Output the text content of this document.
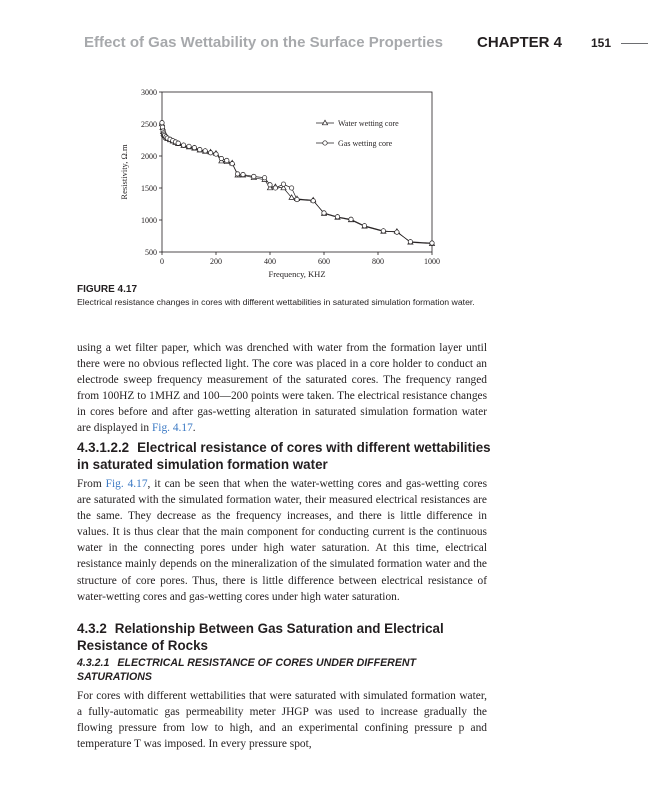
Effect of Gas Wettability on the Surface Properties CHAPTER 4 151
500
1000
1500
2000
2500
3000
0	200	400	600	800	1000
Frequency, KHZ
Resistivity, Ω.m
Water wetting core
Gas wetting core
FIGURE 4.17
Electrical resistance changes in cores with different wettabilities in saturated simulation formation water.

using a wet filter paper, which was drenched with water from the formation layer until there were no obvious reflected light. The core was placed in a core holder to conduct an electrode sweep frequency measurement of the saturated cores. The frequency ranged from 100HZ to 1MHZ and 100—200 points were taken. The electrical resistance changes in cores before and after gas-wetting alteration in saturated simulation formation water are displayed in Fig. 4.17.

4.3.1.2.2 Electrical resistance of cores with different wettabilities in saturated simulation formation water

From Fig. 4.17, it can be seen that when the water-wetting cores and gas-wetting cores are saturated with the simulated formation water, their measured electrical resistances are the same. They decrease as the frequency increases, and there is little difference in values. It is thus clear that the main component for conducting current is the continuous water in the connecting pores under high water saturation. At this time, electrical resistance mainly depends on the mineralization of the simulated formation water and the structure of core pores. Thus, there is little difference between electrical resistance of water-wetting cores and gas-wetting cores under high water saturation.

4.3.2 Relationship Between Gas Saturation and Electrical Resistance of Rocks
4.3.2.1 ELECTRICAL RESISTANCE OF CORES UNDER DIFFERENT SATURATIONS

For cores with different wettabilities that were saturated with simulated formation water, a fully-automatic gas permeability meter JHGP was used to increase gradually the flowing pressure from low to high, and an experimental confining pressure p and temperature T was imposed. In every pressure spot,
